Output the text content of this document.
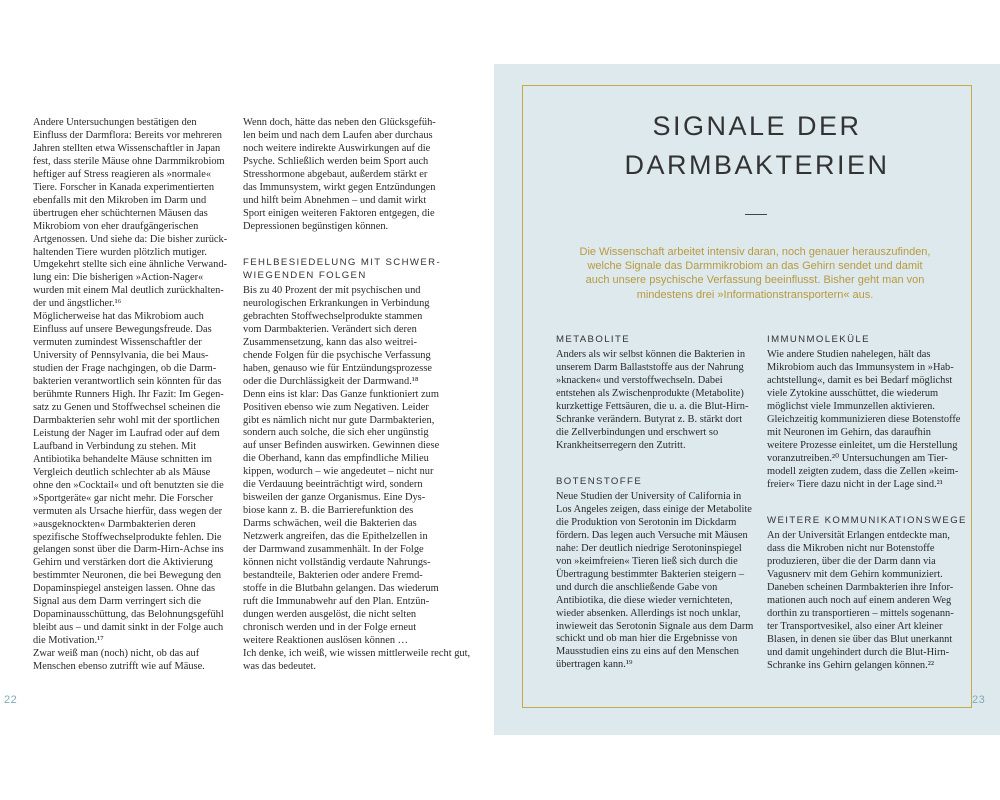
Andere Untersuchungen bestätigen den
Einfluss der Darmflora: Bereits vor mehreren
Jahren stellten etwa Wissenschaftler in Japan
fest, dass sterile Mäuse ohne Darmmikrobiom
heftiger auf Stress reagieren als »normale«
Tiere. Forscher in Kanada experimentierten
ebenfalls mit den Mikroben im Darm und
übertrugen eher schüchternen Mäusen das
Mikrobiom von eher draufgängerischen
Artgenossen. Und siehe da: Die bisher zurück-
haltenden Tiere wurden plötzlich mutiger.
Umgekehrt stellte sich eine ähnliche Verwand-
lung ein: Die bisherigen »Action-Nager«
wurden mit einem Mal deutlich zurückhalten-
der und ängstlicher.¹⁶
Möglicherweise hat das Mikrobiom auch
Einfluss auf unsere Bewegungsfreude. Das
vermuten zumindest Wissenschaftler der
University of Pennsylvania, die bei Maus-
studien der Frage nachgingen, ob die Darm-
bakterien verantwortlich sein könnten für das
berühmte Runners High. Ihr Fazit: Im Gegen-
satz zu Genen und Stoffwechsel scheinen die
Darmbakterien sehr wohl mit der sportlichen
Leistung der Nager im Laufrad oder auf dem
Laufband in Verbindung zu stehen. Mit
Antibiotika behandelte Mäuse schnitten im
Vergleich deutlich schlechter ab als Mäuse
ohne den »Cocktail« und oft benutzten sie die
»Sportgeräte« gar nicht mehr. Die Forscher
vermuten als Ursache hierfür, dass wegen der
»ausgeknockten« Darmbakterien deren
spezifische Stoffwechselprodukte fehlen. Die
gelangen sonst über die Darm-Hirn-Achse ins
Gehirn und verstärken dort die Aktivierung
bestimmter Neuronen, die bei Bewegung den
Dopaminspiegel ansteigen lassen. Ohne das
Signal aus dem Darm verringert sich die
Dopaminausschüttung, das Belohnungsgefühl
bleibt aus – und damit sinkt in der Folge auch
die Motivation.¹⁷
Zwar weiß man (noch) nicht, ob das auf
Menschen ebenso zutrifft wie auf Mäuse.
Wenn doch, hätte das neben den Glücksgefüh-
len beim und nach dem Laufen aber durchaus
noch weitere indirekte Auswirkungen auf die
Psyche. Schließlich werden beim Sport auch
Stresshormone abgebaut, außerdem stärkt er
das Immunsystem, wirkt gegen Entzündungen
und hilft beim Abnehmen – und damit wirkt
Sport einigen weiteren Faktoren entgegen, die
Depressionen begünstigen können.
FEHLBESIEDELUNG MIT SCHWER-
WIEGENDEN FOLGEN
Bis zu 40 Prozent der mit psychischen und
neurologischen Erkrankungen in Verbindung
gebrachten Stoffwechselprodukte stammen
vom Darmbakterien. Verändert sich deren
Zusammensetzung, kann das also weitrei-
chende Folgen für die psychische Verfassung
haben, genauso wie für Entzündungsprozesse
oder die Durchlässigkeit der Darmwand.¹⁸
Denn eins ist klar: Das Ganze funktioniert zum
Positiven ebenso wie zum Negativen. Leider
gibt es nämlich nicht nur gute Darmbakterien,
sondern auch solche, die sich eher ungünstig
auf unser Befinden auswirken. Gewinnen diese
die Oberhand, kann das empfindliche Milieu
kippen, wodurch – wie angedeutet – nicht nur
die Verdauung beeinträchtigt wird, sondern
bisweilen der ganze Organismus. Eine Dys-
biose kann z. B. die Barrierefunktion des
Darms schwächen, weil die Bakterien das
Netzwerk angreifen, das die Epithelzellen in
der Darmwand zusammenhält. In der Folge
können nicht vollständig verdaute Nahrungs-
bestandteile, Bakterien oder andere Fremd-
stoffe in die Blutbahn gelangen. Das wiederum
ruft die Immunabwehr auf den Plan. Entzün-
dungen werden ausgelöst, die nicht selten
chronisch werden und in der Folge erneut
weitere Reaktionen auslösen können …
Ich denke, ich weiß, wie wissen mittlerweile recht gut,
was das bedeutet.
22
SIGNALE DER
DARMBAKTERIEN
Die Wissenschaft arbeitet intensiv daran, noch genauer herauszufinden,
welche Signale das Darmmikrobiom an das Gehirn sendet und damit
auch unsere psychische Verfassung beeinflusst. Bisher geht man von
mindestens drei »Informationstransportern« aus.
METABOLITE
Anders als wir selbst können die Bakterien in
unserem Darm Ballaststoffe aus der Nahrung
»knacken« und verstoffwechseln. Dabei
entstehen als Zwischenprodukte (Metabolite)
kurzkettige Fettsäuren, die u. a. die Blut-Hirn-
Schranke verändern. Butyrat z. B. stärkt dort
die Zellverbindungen und erschwert so
Krankheitserregern den Zutritt.
BOTENSTOFFE
Neue Studien der University of California in
Los Angeles zeigen, dass einige der Metabolite
die Produktion von Serotonin im Dickdarm
fördern. Das legen auch Versuche mit Mäusen
nahe: Der deutlich niedrige Serotoninspiegel
von »keimfreien« Tieren ließ sich durch die
Übertragung bestimmter Bakterien steigern –
und durch die anschließende Gabe von
Antibiotika, die diese wieder vernichteten,
wieder absenken. Allerdings ist noch unklar,
inwieweit das Serotonin Signale aus dem Darm
schickt und ob man hier die Ergebnisse von
Mausstudien eins zu eins auf den Menschen
übertragen kann.¹⁹
IMMUNMOLEKÜLE
Wie andere Studien nahelegen, hält das
Mikrobiom auch das Immunsystem in »Hab-
achtstellung«, damit es bei Bedarf möglichst
viele Zytokine ausschüttet, die wiederum
möglichst viele Immunzellen aktivieren.
Gleichzeitig kommunizieren diese Botenstoffe
mit Neuronen im Gehirn, das daraufhin
weitere Prozesse einleitet, um die Herstellung
voranzutreiben.²⁰ Untersuchungen am Tier-
modell zeigten zudem, dass die Zellen »keim-
freier« Tiere dazu nicht in der Lage sind.²¹
WEITERE KOMMUNIKATIONSWEGE
An der Universität Erlangen entdeckte man,
dass die Mikroben nicht nur Botenstoffe
produzieren, über die der Darm dann via
Vagusnerv mit dem Gehirn kommuniziert.
Daneben scheinen Darmbakterien ihre Infor-
mationen auch noch auf einem anderen Weg
dorthin zu transportieren – mittels sogenann-
ter Transportvesikel, also einer Art kleiner
Blasen, in denen sie über das Blut unerkannt
und damit ungehindert durch die Blut-Hirn-
Schranke ins Gehirn gelangen können.²²
23
